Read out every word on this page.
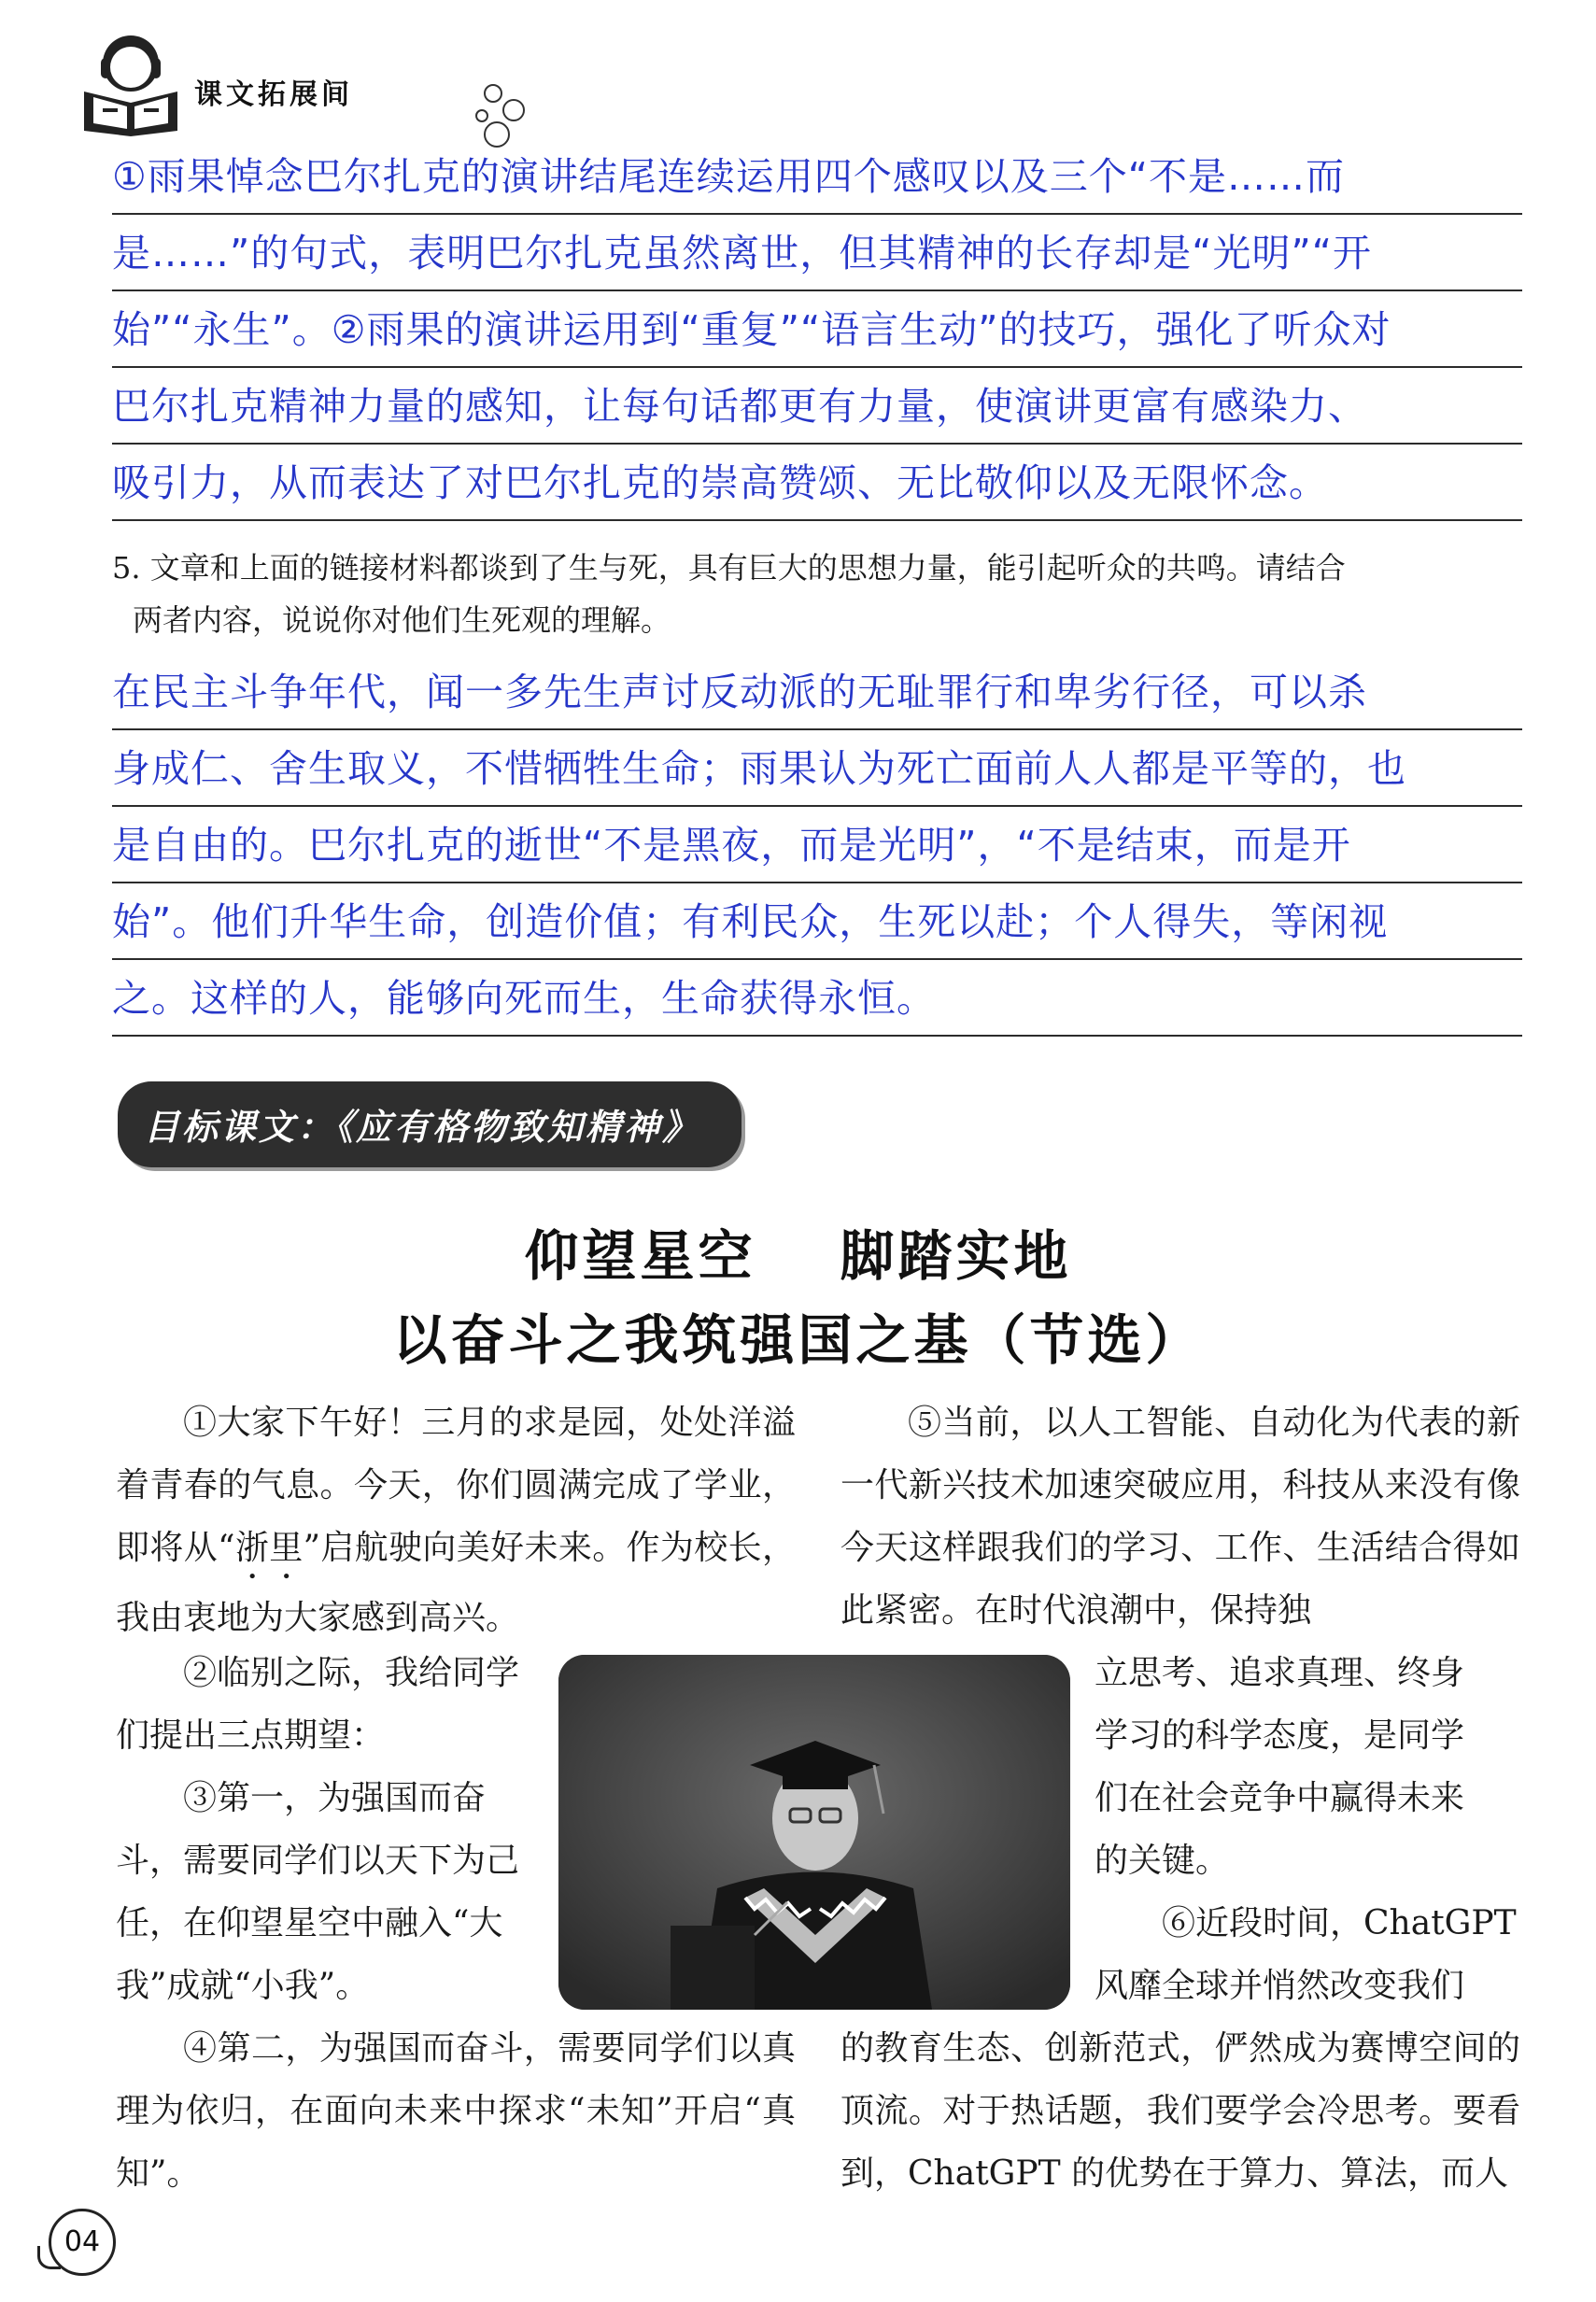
课文拓展间
①雨果悼念巴尔扎克的演讲结尾连续运用四个感叹以及三个“不是……而
是……”的句式，表明巴尔扎克虽然离世，但其精神的长存却是“光明”“开
始”“永生”。②雨果的演讲运用到“重复”“语言生动”的技巧，强化了听众对
巴尔扎克精神力量的感知，让每句话都更有力量，使演讲更富有感染力、
吸引力，从而表达了对巴尔扎克的崇高赞颂、无比敬仰以及无限怀念。
5. 文章和上面的链接材料都谈到了生与死，具有巨大的思想力量，能引起听众的共鸣。请结合
两者内容，说说你对他们生死观的理解。
在民主斗争年代，闻一多先生声讨反动派的无耻罪行和卑劣行径，可以杀
身成仁、舍生取义，不惜牺牲生命；雨果认为死亡面前人人都是平等的，也
是自由的。巴尔扎克的逝世“不是黑夜，而是光明”，“不是结束，而是开
始”。他们升华生命，创造价值；有利民众，生死以赴；个人得失，等闲视
之。这样的人，能够向死而生，生命获得永恒。
目标课文：《应有格物致知精神》
仰望星空 脚踏实地
以奋斗之我筑强国之基（节选）

①大家下午好！三月的求是园，处处洋溢着青春的气息。今天，你们圆满完成了学业，即将从“浙里”启航驶向美好未来。作为校长，我由衷地为大家感到高兴。

②临别之际，我给同学
们提出三点期望：
③第一，为强国而奋
斗，需要同学们以天下为己
任，在仰望星空中融入“大
我”成就“小我”。

④第二，为强国而奋斗，需要同学们以真理为依归，在面向未来中探求“未知”开启“真知”。

⑤当前，以人工智能、自动化为代表的新一代新兴技术加速突破应用，科技从来没有像今天这样跟我们的学习、工作、生活结合得如此紧密。在时代浪潮中，保持独

立思考、追求真理、终身
学习的科学态度，是同学
们在社会竞争中赢得未来
的关键。
⑥近段时间，ChatGPT
风靡全球并悄然改变我们

的教育生态、创新范式，俨然成为赛博空间的顶流。对于热话题，我们要学会冷思考。要看到，ChatGPT 的优势在于算力、算法，而人

04
